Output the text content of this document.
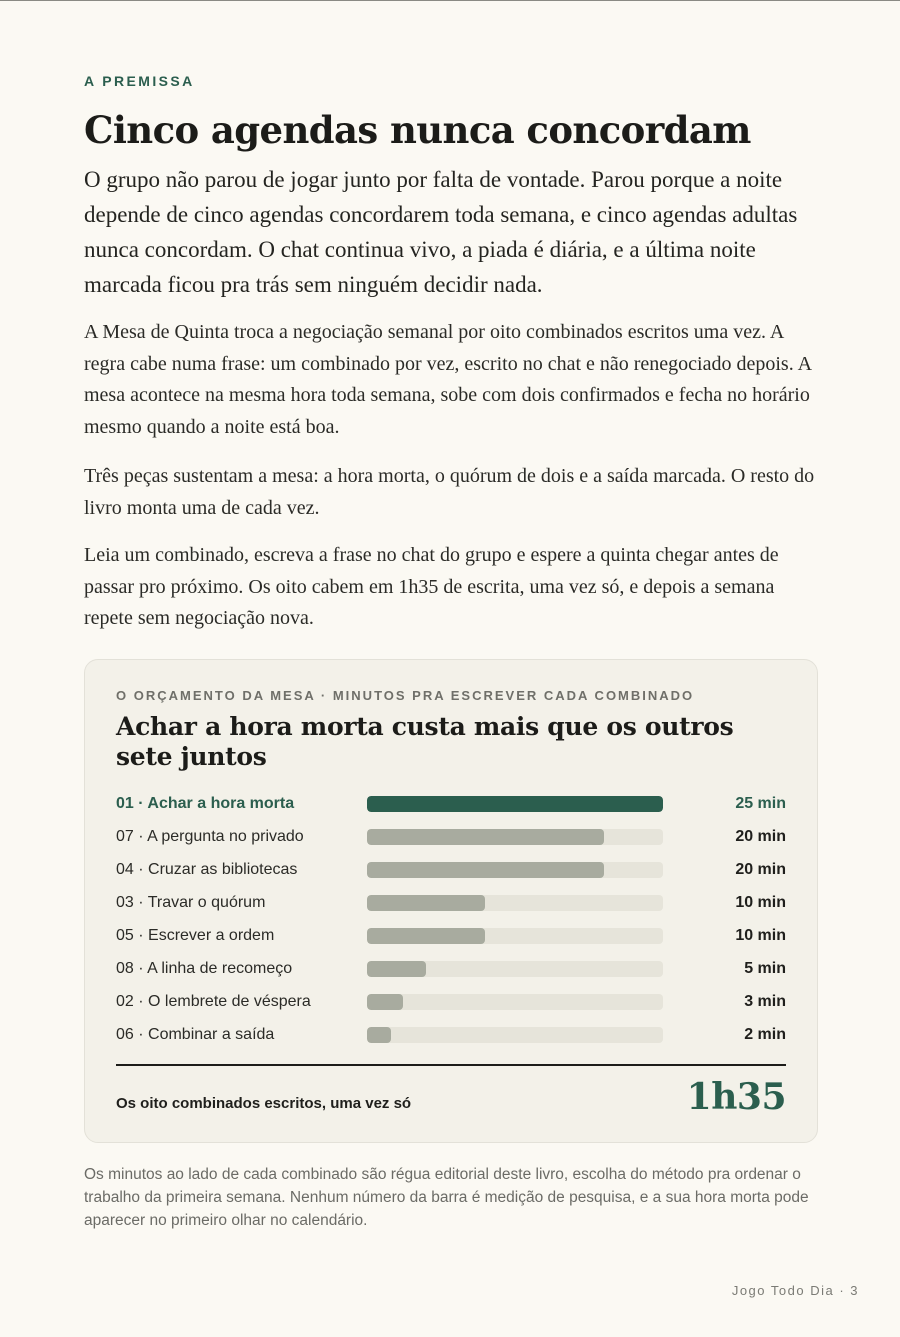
A PREMISSA
Cinco agendas nunca concordam

O grupo não parou de jogar junto por falta de vontade. Parou porque a noite depende de cinco agendas concordarem toda semana, e cinco agendas adultas nunca concordam. O chat continua vivo, a piada é diária, e a última noite marcada ficou pra trás sem ninguém decidir nada.

A Mesa de Quinta troca a negociação semanal por oito combinados escritos uma vez. A regra cabe numa frase: um combinado por vez, escrito no chat e não renegociado depois. A mesa acontece na mesma hora toda semana, sobe com dois confirmados e fecha no horário mesmo quando a noite está boa.

Três peças sustentam a mesa: a hora morta, o quórum de dois e a saída marcada. O resto do livro monta uma de cada vez.

Leia um combinado, escreva a frase no chat do grupo e espere a quinta chegar antes de passar pro próximo. Os oito cabem em 1h35 de escrita, uma vez só, e depois a semana repete sem negociação nova.

O ORÇAMENTO DA MESA · MINUTOS PRA ESCREVER CADA COMBINADO
Achar a hora morta custa mais que os outros sete juntos
01 · Achar a hora morta	25 min
07 · A pergunta no privado	20 min
04 · Cruzar as bibliotecas	20 min
03 · Travar o quórum	10 min
05 · Escrever a ordem	10 min
08 · A linha de recomeço	5 min
02 · O lembrete de véspera	3 min
06 · Combinar a saída	2 min
Os oito combinados escritos, uma vez só	1h35

Os minutos ao lado de cada combinado são régua editorial deste livro, escolha do método pra ordenar o trabalho da primeira semana. Nenhum número da barra é medição de pesquisa, e a sua hora morta pode aparecer no primeiro olhar no calendário.

Jogo Todo Dia · 3
